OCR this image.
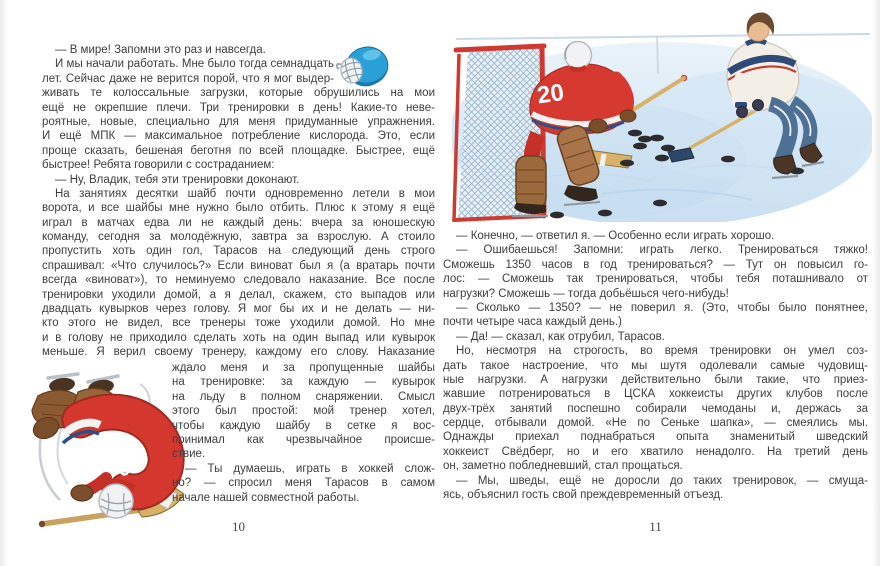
— В мире! Запомни это раз и навсегда.
И мы начали работать. Мне было тогда семнадцать
лет. Сейчас даже не верится порой, что я мог выдер-
живать те колоссальные загрузки, которые обрушились на мои
ещё не окрепшие плечи. Три тренировки в день! Какие-то неве-
роятные, новые, специально для меня придуманные упражнения.
И ещё МПК — максимальное потребление кислорода. Это, если
проще сказать, бешеная беготня по всей площадке. Быстрее, ещё
быстрее! Ребята говорили с состраданием:
— Ну, Владик, тебя эти тренировки доконают.
На занятиях десятки шайб почти одновременно летели в мои
ворота, и все шайбы мне нужно было отбить. Плюс к этому я ещё
играл в матчах едва ли не каждый день: вчера за юношескую
команду, сегодня за молодёжную, завтра за взрослую. А стоило
пропустить хоть один гол, Тарасов на следующий день строго
спрашивал: «Что случилось?» Если виноват был я (а вратарь почти
всегда «виноват»), то неминуемо следовало наказание. Все после
тренировки уходили домой, а я делал, скажем, сто выпадов или
двадцать кувырков через голову. Я мог бы их и не делать — ни-
кто этого не видел, все тренеры тоже уходили домой. Но мне
и в голову не приходило сделать хоть на один выпад или кувырок
меньше. Я верил своему тренеру, каждому его слову. Наказание
20
ждало меня и за пропущенные шайбы
на тренировке: за каждую — кувырок
на льду в полном снаряжении. Смысл
этого был простой: мой тренер хотел,
чтобы каждую шайбу в сетке я вос-
принимал как чрезвычайное происше-
ствие.
— Ты думаешь, играть в хоккей слож-
но? — спросил меня Тарасов в самом
начале нашей совместной работы.
10
20
— Конечно, — ответил я. — Особенно если играть хорошо.
— Ошибаешься! Запомни: играть легко. Тренироваться тяжко!
Сможешь 1350 часов в год тренироваться? — Тут он повысил го-
лос: — Сможешь так тренироваться, чтобы тебя поташнивало от
нагрузки? Сможешь — тогда добьёшься чего-нибудь!
— Сколько — 1350? — не поверил я. (Это, чтобы было понятнее,
почти четыре часа каждый день.)
— Да! — сказал, как отрубил, Тарасов.
Но, несмотря на строгость, во время тренировки он умел соз-
дать такое настроение, что мы шутя одолевали самые чудовищ-
ные нагрузки. А нагрузки действительно были такие, что приез-
жавшие потренироваться в ЦСКА хоккеисты других клубов после
двух-трёх занятий поспешно собирали чемоданы и, держась за
сердце, отбывали домой. «Не по Сеньке шапка», — смеялись мы.
Однажды приехал поднабраться опыта знаменитый шведский
хоккеист Свёдберг, но и его хватило ненадолго. На третий день
он, заметно побледневший, стал прощаться.
— Мы, шведы, ещё не доросли до таких тренировок, — смуща-
ясь, объяснил гость свой преждевременный отъезд.
11
